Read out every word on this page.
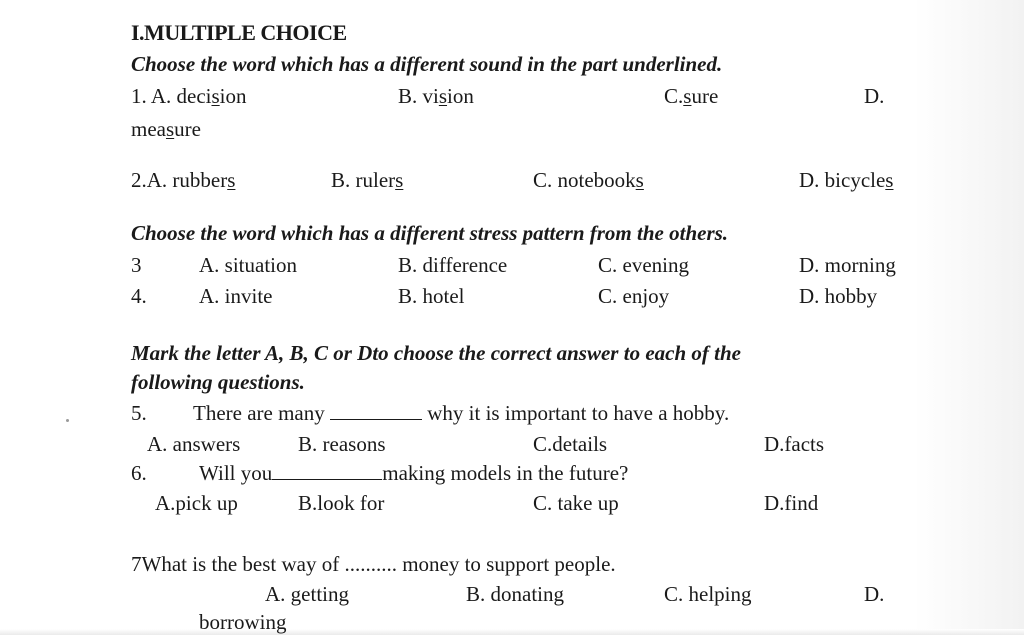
I.MULTIPLE CHOICE
Choose the word which has a different sound in the part underlined.
1. A. decision	B. vision	C.sure	D.
measure
2.A. rubbers	B. rulers	C. notebooks	D. bicycles
Choose the word which has a different stress pattern from the others.
3	A. situation	B. difference	C. evening	D. morning
4. A. invite	B. hotel	C. enjoy	D. hobby
Mark the letter A, B, C or Dto choose the correct answer to each of the
following questions.
5. There are many	why it is important to have a hobby.
A. answers	B. reasons	C.details	D.facts
6. Will you	making models in the future?
A.pick up	B.look for	C. take up	D.find
7What is the best way of .......... money to support people.
A. getting	B. donating	C. helping	D.
borrowing
